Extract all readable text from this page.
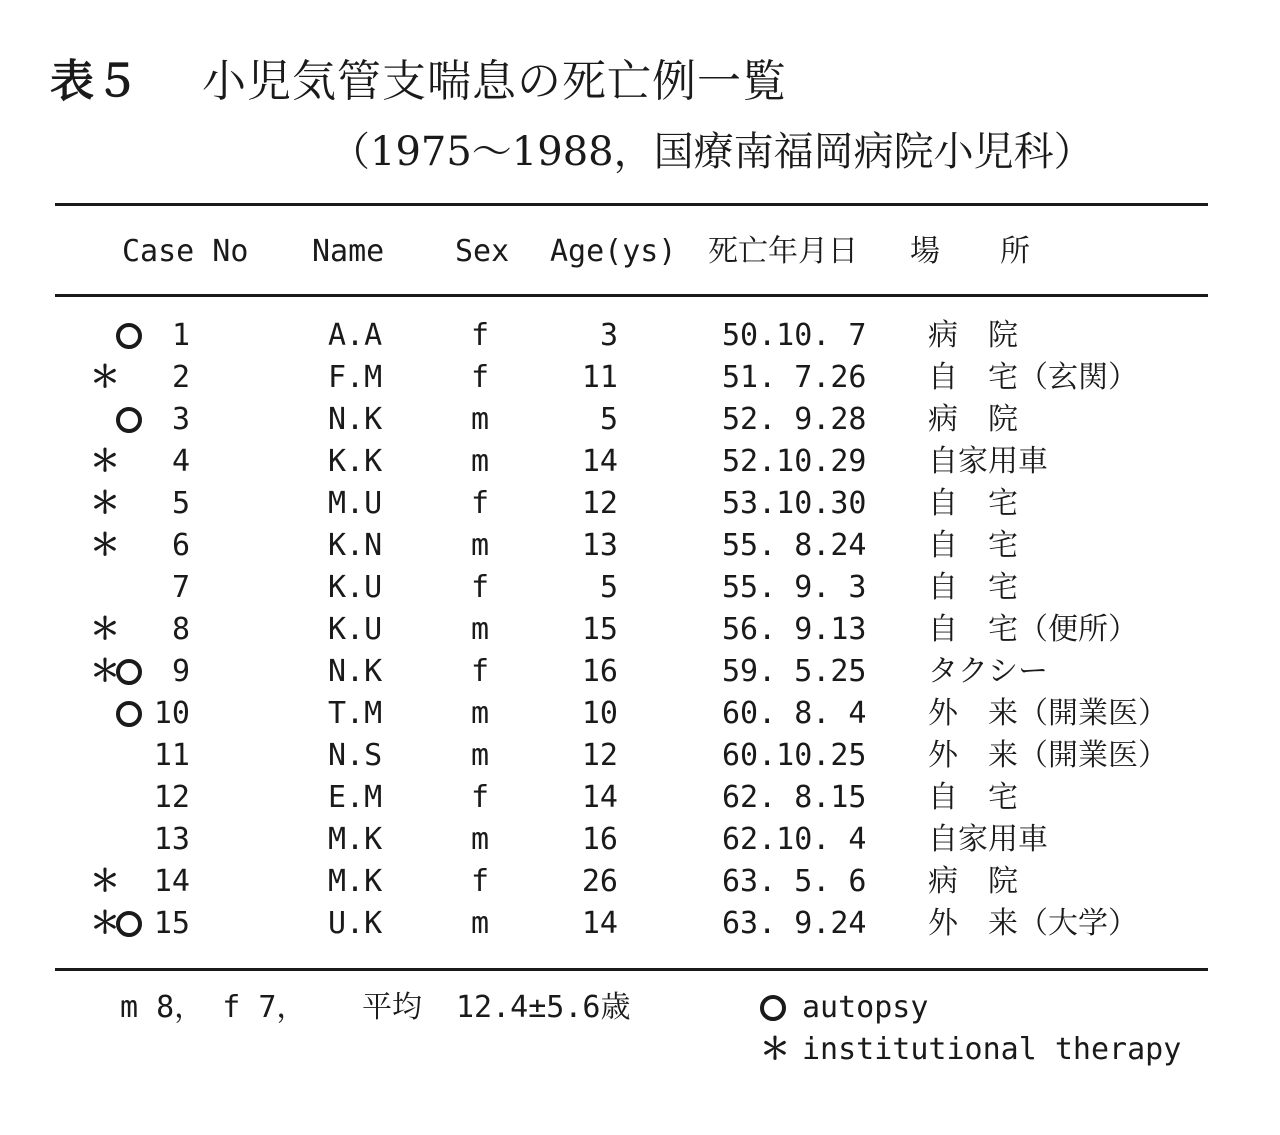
表５ 小児気管支喘息の死亡例一覧
（1975～1988，国療南福岡病院小児科）
Case No Name Sex Age(ys) 死亡年月日 場　　所
1	A.A	f	3	50.10. 7 病　院
＊	2	F.M	f	11	51. 7.26 自　宅（玄関）
3	N.K	m	5	52. 9.28 病　院
＊	4	K.K	m	14	52.10.29 自家用車
＊	5	M.U	f	12	53.10.30 自　宅
＊	6	K.N	m	13	55. 8.24 自　宅
7	K.U	f	5	55. 9. 3 自　宅
＊	8	K.U	m	15	56. 9.13 自　宅（便所）
＊	9	N.K	f	16	59. 5.25 タクシー
10	T.M	m	10	60. 8. 4 外　来（開業医）
11	N.S	m	12	60.10.25 外　来（開業医）
12	E.M	f	14	62. 8.15 自　宅
13	M.K	m	16	62.10. 4 自家用車
＊ 14	M.K	f	26	63. 5. 6 病　院
＊ 15	U.K	m	14	63. 9.24 外　来（大学）
m 8， f 7， 平均 12.4±5.6歳	autopsy
＊ institutional therapy
